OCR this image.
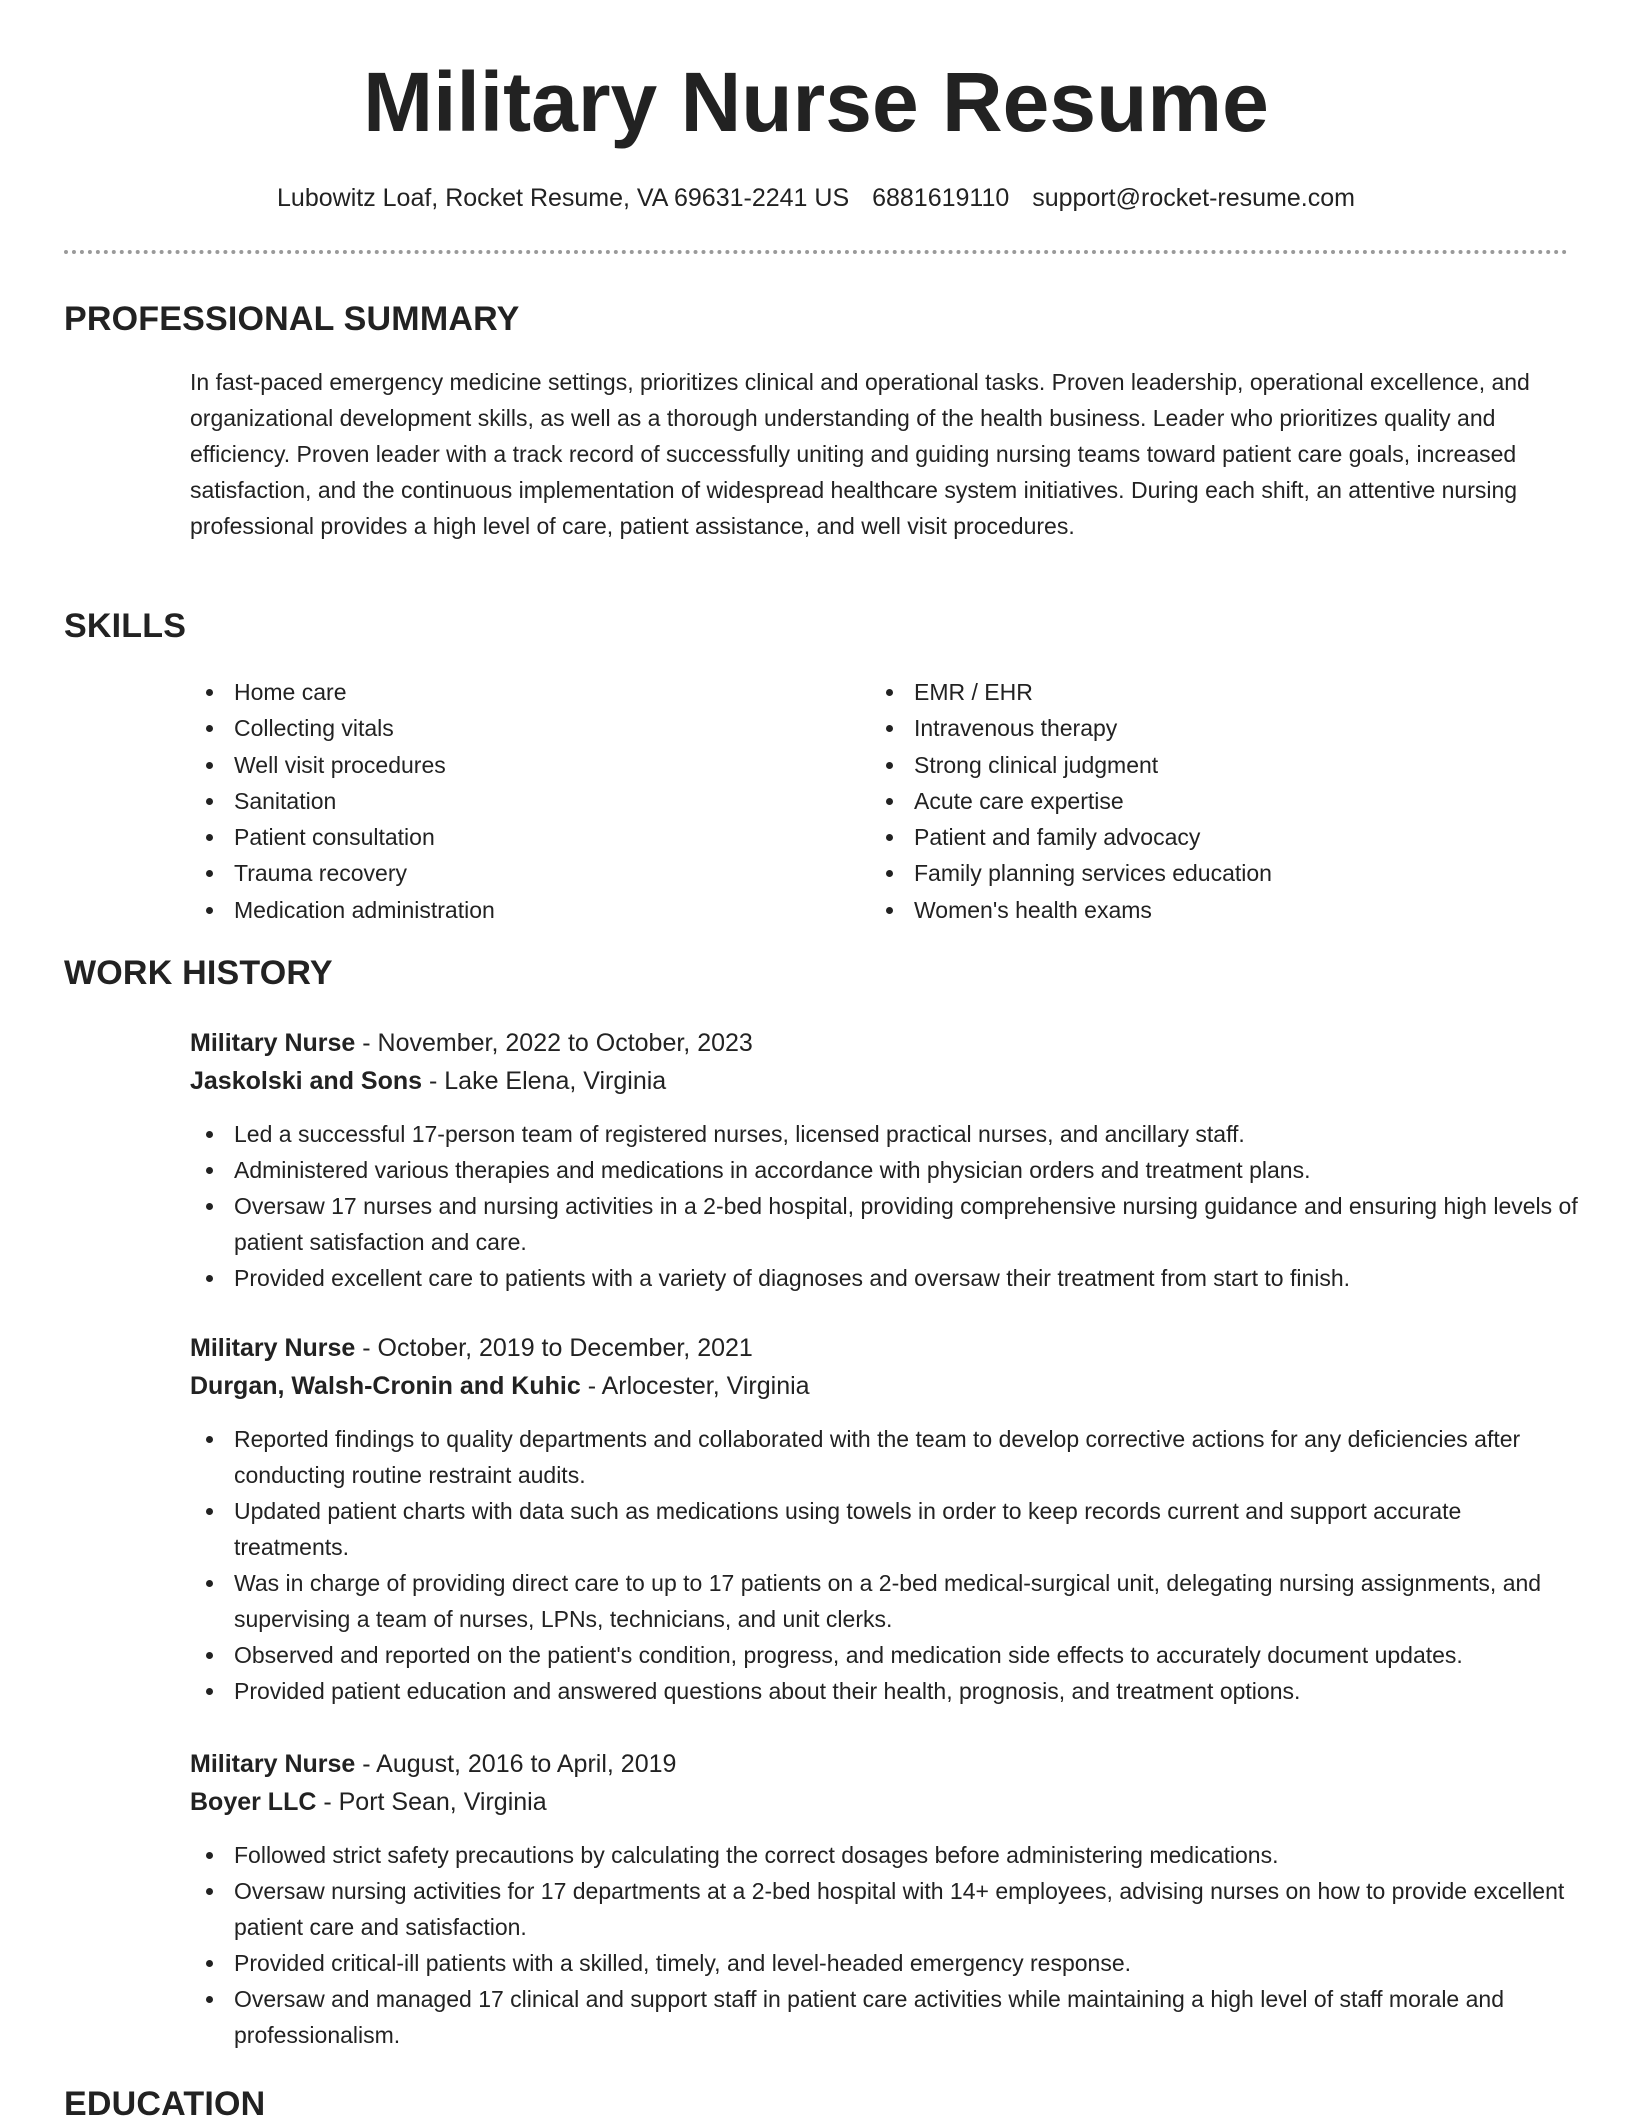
Military Nurse Resume
Lubowitz Loaf, Rocket Resume, VA 69631-2241 US 6881619110 support@rocket-resume.com
PROFESSIONAL SUMMARY

In fast-paced emergency medicine settings, prioritizes clinical and operational tasks. Proven leadership, operational excellence, and organizational development skills, as well as a thorough understanding of the health business. Leader who prioritizes quality and efficiency. Proven leader with a track record of successfully uniting and guiding nursing teams toward patient care goals, increased satisfaction, and the continuous implementation of widespread healthcare system initiatives. During each shift, an attentive nursing professional provides a high level of care, patient assistance, and well visit procedures.

SKILLS
Home care
Collecting vitals
Well visit procedures
Sanitation
Patient consultation
Trauma recovery
Medication administration
EMR / EHR
Intravenous therapy
Strong clinical judgment
Acute care expertise
Patient and family advocacy
Family planning services education
Women's health exams
WORK HISTORY
Military Nurse - November, 2022 to October, 2023
Jaskolski and Sons - Lake Elena, Virginia
Led a successful 17-person team of registered nurses, licensed practical nurses, and ancillary staff.
Administered various therapies and medications in accordance with physician orders and treatment plans.
Oversaw 17 nurses and nursing activities in a 2-bed hospital, providing comprehensive nursing guidance and ensuring high levels of patient satisfaction and care.
Provided excellent care to patients with a variety of diagnoses and oversaw their treatment from start to finish.
Military Nurse - October, 2019 to December, 2021
Durgan, Walsh-Cronin and Kuhic - Arlocester, Virginia
Reported findings to quality departments and collaborated with the team to develop corrective actions for any deficiencies after conducting routine restraint audits.
Updated patient charts with data such as medications using towels in order to keep records current and support accurate treatments.
Was in charge of providing direct care to up to 17 patients on a 2-bed medical-surgical unit, delegating nursing assignments, and supervising a team of nurses, LPNs, technicians, and unit clerks.
Observed and reported on the patient's condition, progress, and medication side effects to accurately document updates.
Provided patient education and answered questions about their health, prognosis, and treatment options.
Military Nurse - August, 2016 to April, 2019
Boyer LLC - Port Sean, Virginia
Followed strict safety precautions by calculating the correct dosages before administering medications.
Oversaw nursing activities for 17 departments at a 2-bed hospital with 14+ employees, advising nurses on how to provide excellent patient care and satisfaction.
Provided critical-ill patients with a skilled, timely, and level-headed emergency response.
Oversaw and managed 17 clinical and support staff in patient care activities while maintaining a high level of staff morale and professionalism.
EDUCATION
